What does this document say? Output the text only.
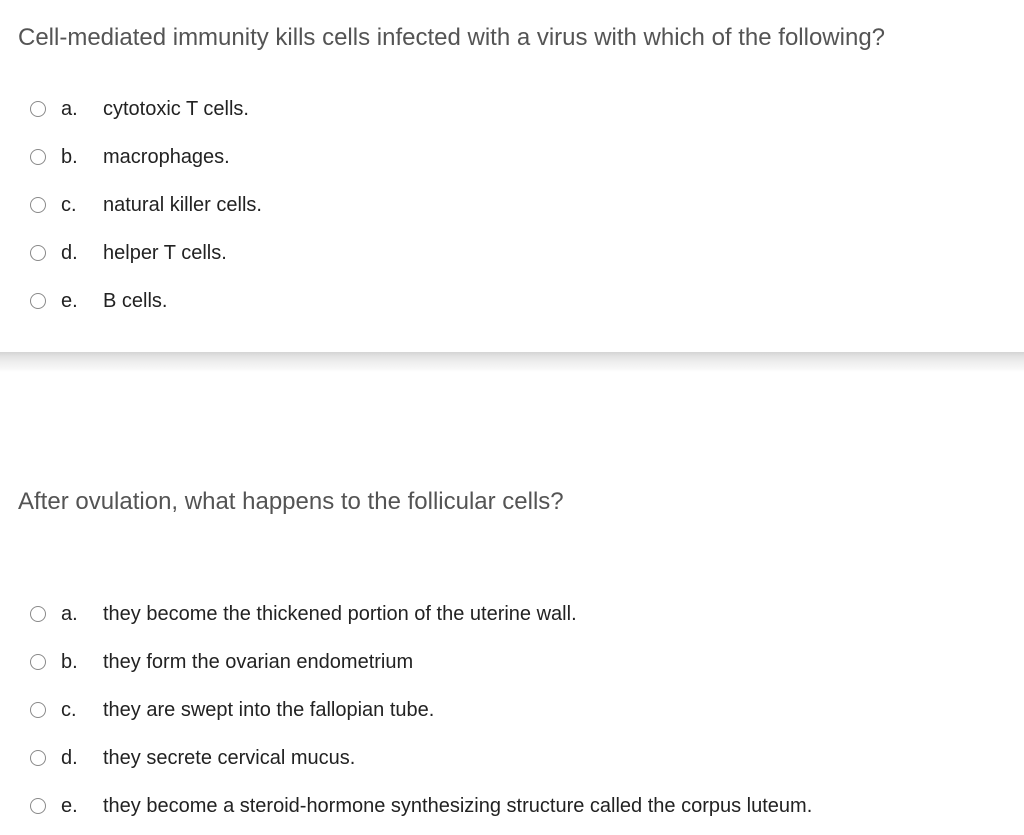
Cell-mediated immunity kills cells infected with a virus with which of the following?
a. cytotoxic T cells.
b. macrophages.
c. natural killer cells.
d. helper T cells.
e. B cells.
After ovulation, what happens to the follicular cells?
a. they become the thickened portion of the uterine wall.
b. they form the ovarian endometrium
c. they are swept into the fallopian tube.
d. they secrete cervical mucus.
e. they become a steroid-hormone synthesizing structure called the corpus luteum.
